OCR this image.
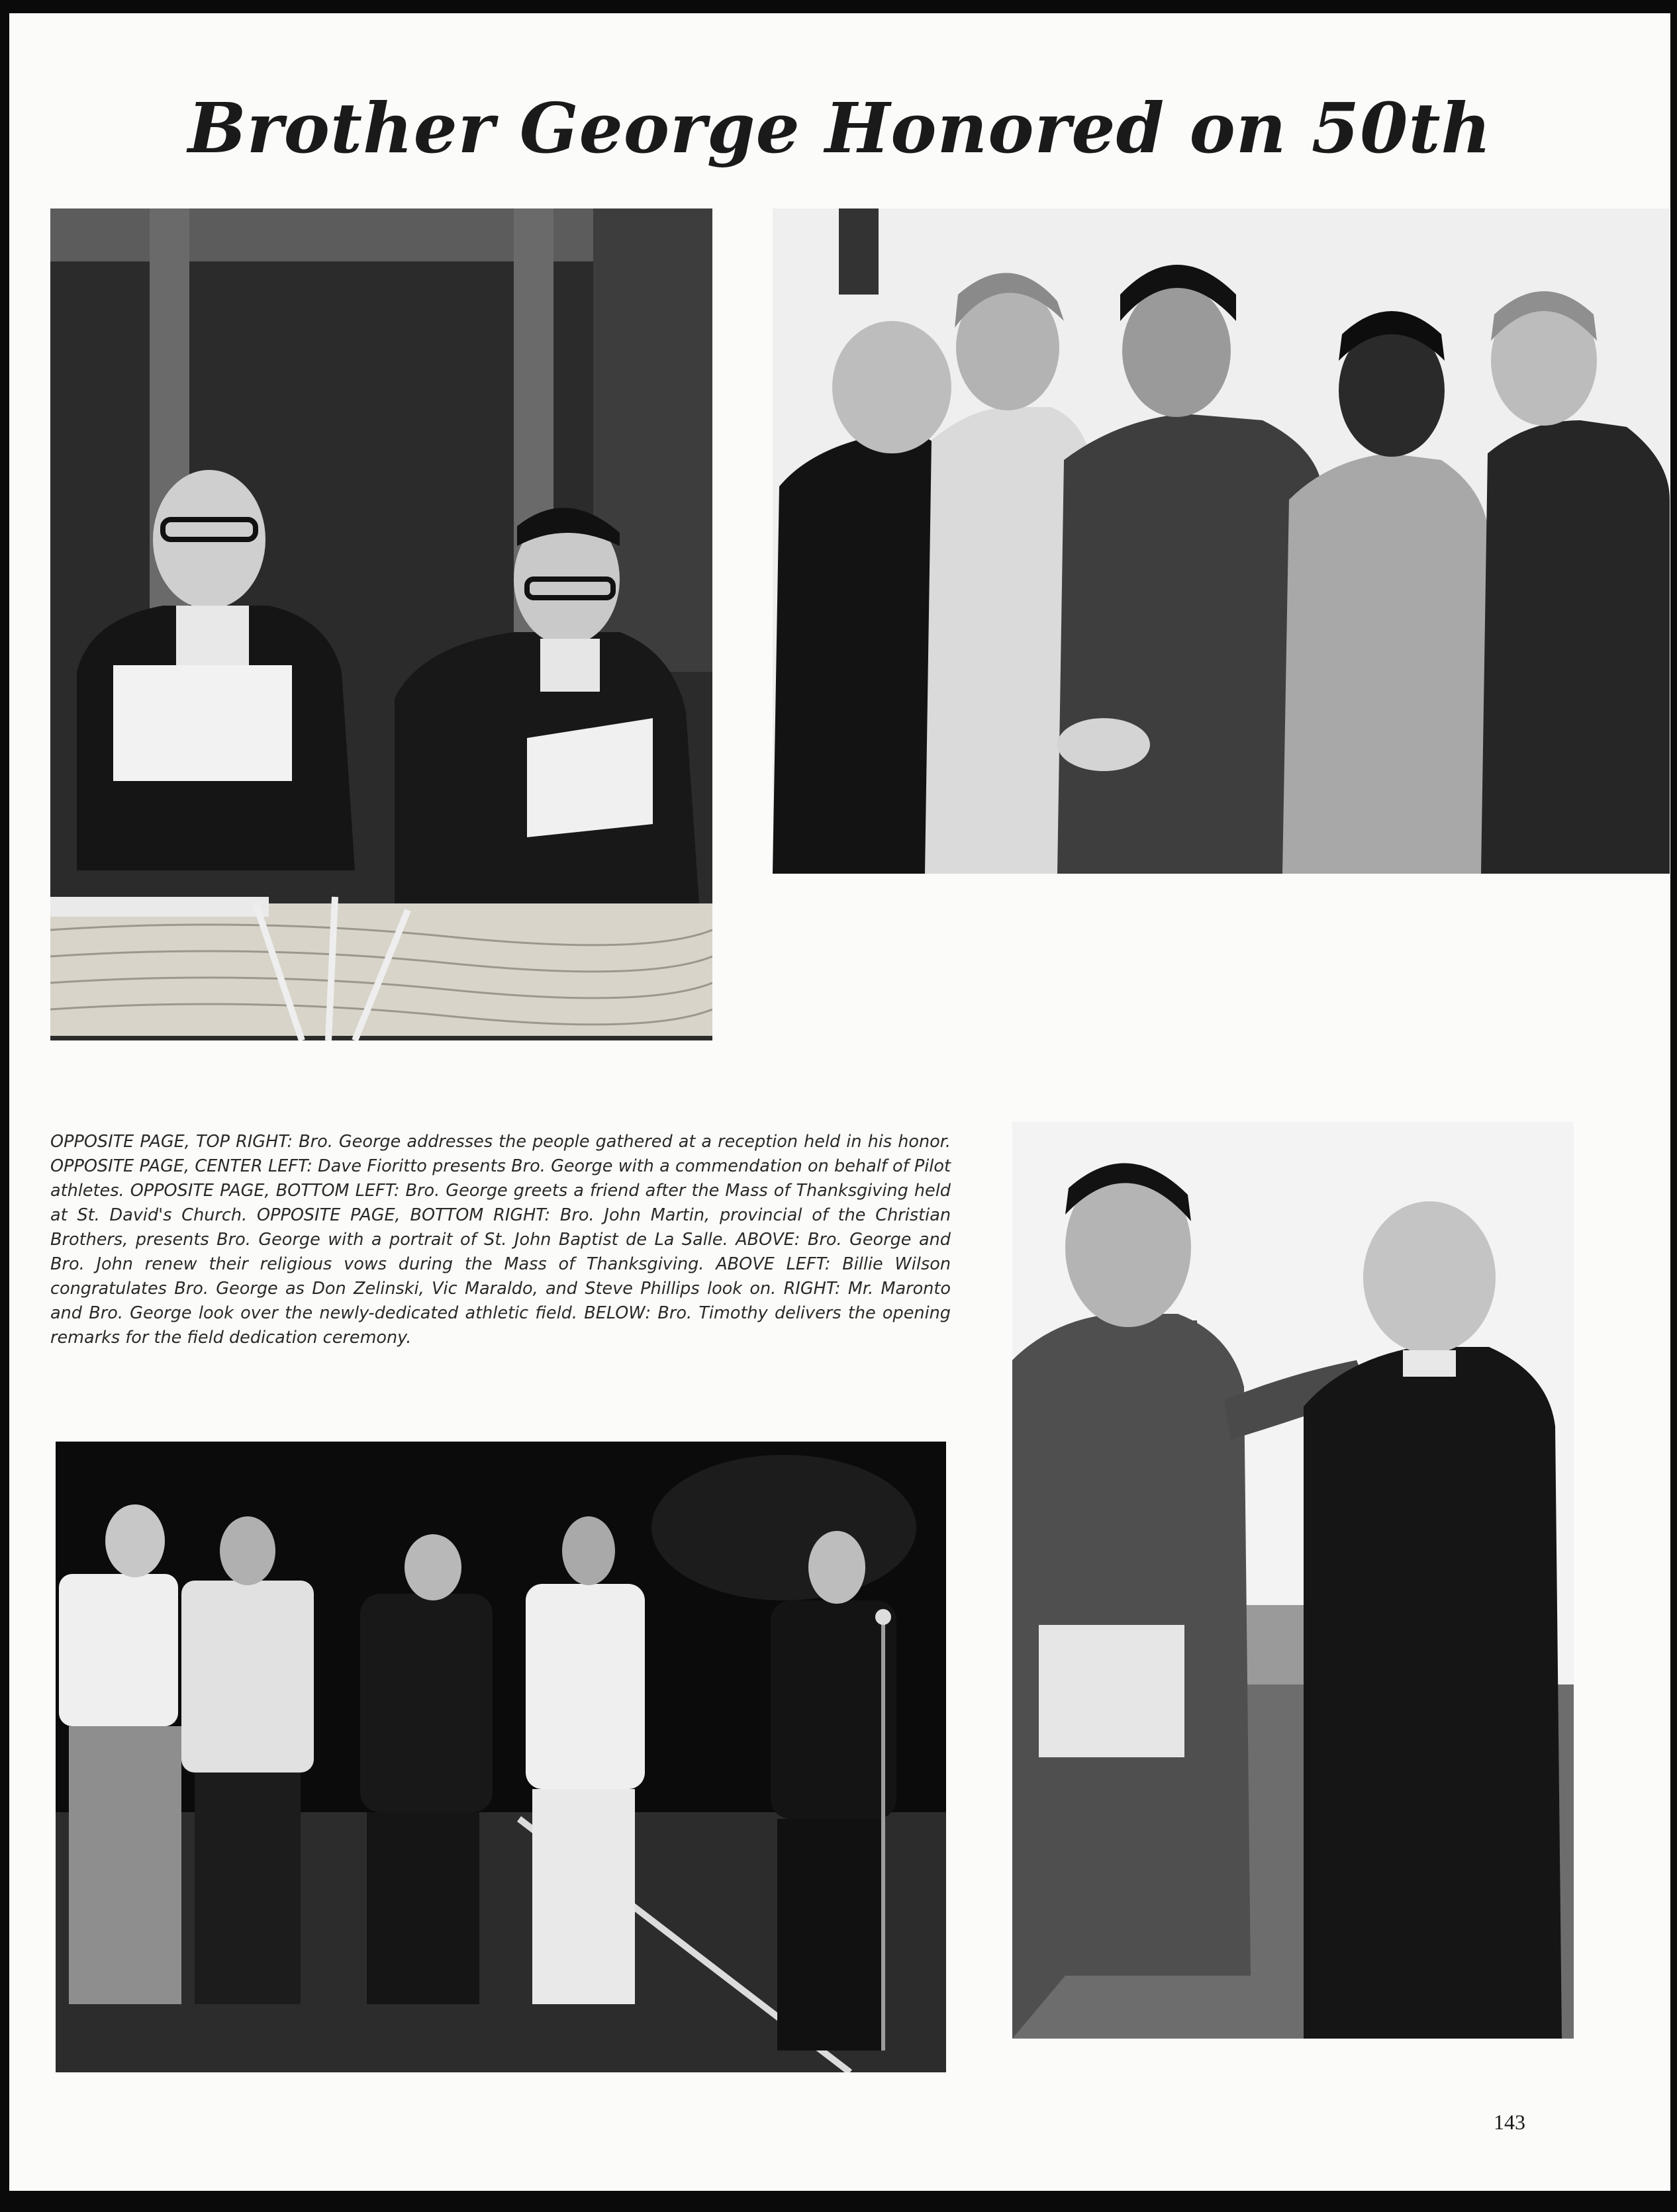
Brother George Honored on 50th

OPPOSITE PAGE, TOP RIGHT: Bro. George addresses the people gathered at a reception held in his honor. OPPOSITE PAGE, CENTER LEFT: Dave Fioritto presents Bro. George with a commendation on behalf of Pilot athletes. OPPOSITE PAGE, BOTTOM LEFT: Bro. George greets a friend after the Mass of Thanksgiving held at St. David's Church. OPPOSITE PAGE, BOTTOM RIGHT: Bro. John Martin, provincial of the Christian Brothers, presents Bro. George with a portrait of St. John Baptist de La Salle. ABOVE: Bro. George and Bro. John renew their religious vows during the Mass of Thanksgiving. ABOVE LEFT: Billie Wilson congratulates Bro. George as Don Zelinski, Vic Maraldo, and Steve Phillips look on. RIGHT: Mr. Maronto and Bro. George look over the newly-dedicated athletic field. BELOW: Bro. Timothy delivers the opening remarks for the field dedication ceremony.

143
